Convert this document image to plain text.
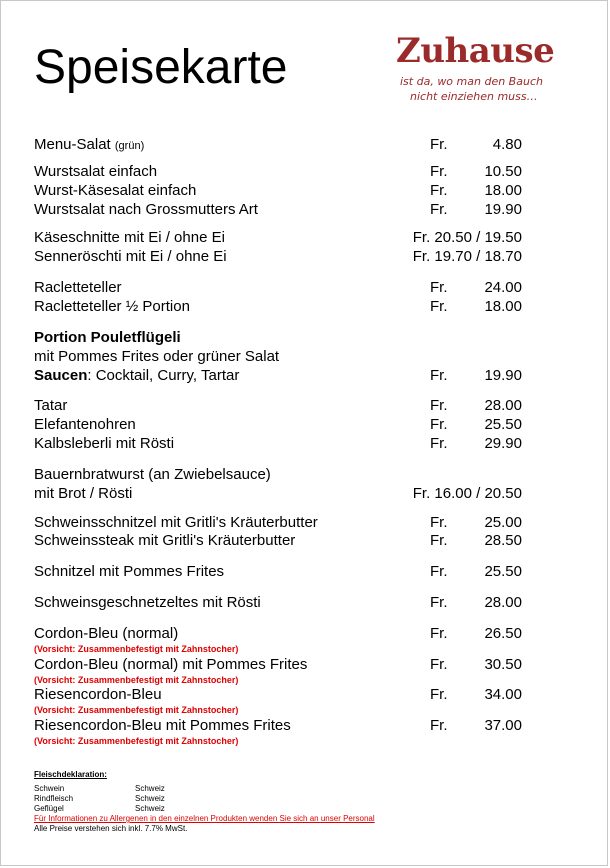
Speisekarte	Zuhause
ist da, wo man den Bauch
nicht einziehen muss…
Menu-Salat (grün)	Fr.	4.80
Wurstsalat einfach	Fr. 10.50
Wurst-Käsesalat einfach	Fr. 18.00
Wurstsalat nach Grossmutters Art	Fr. 19.90
Käseschnitte mit Ei / ohne Ei	Fr. 20.50 / 19.50
Senneröschti mit Ei / ohne Ei	Fr. 19.70 / 18.70
Racletteteller	Fr. 24.00
Racletteteller ½ Portion	Fr. 18.00
Portion Pouletflügeli
mit Pommes Frites oder grüner Salat
Saucen: Cocktail, Curry, Tartar	Fr. 19.90
Tatar	Fr. 28.00
Elefantenohren	Fr. 25.50
Kalbsleberli mit Rösti	Fr. 29.90
Bauernbratwurst (an Zwiebelsauce)
mit Brot / Rösti	Fr. 16.00 / 20.50
Schweinsschnitzel mit Gritli's Kräuterbutter	Fr. 25.00
Schweinssteak mit Gritli's Kräuterbutter	Fr. 28.50
Schnitzel mit Pommes Frites	Fr. 25.50
Schweinsgeschnetzeltes mit Rösti	Fr. 28.00
Cordon-Bleu (normal)	Fr. 26.50
(Vorsicht: Zusammenbefestigt mit Zahnstocher)
Cordon-Bleu (normal) mit Pommes Frites	Fr. 30.50
(Vorsicht: Zusammenbefestigt mit Zahnstocher)
Riesencordon-Bleu	Fr. 34.00
(Vorsicht: Zusammenbefestigt mit Zahnstocher)
Riesencordon-Bleu mit Pommes Frites	Fr. 37.00
(Vorsicht: Zusammenbefestigt mit Zahnstocher)
Fleischdeklaration:
Schwein	Schweiz
Rindfleisch	Schweiz
Geflügel	Schweiz
Für Informationen zu Allergenen in den einzelnen Produkten wenden Sie sich an unser Personal
Alle Preise verstehen sich inkl. 7.7% MwSt.
